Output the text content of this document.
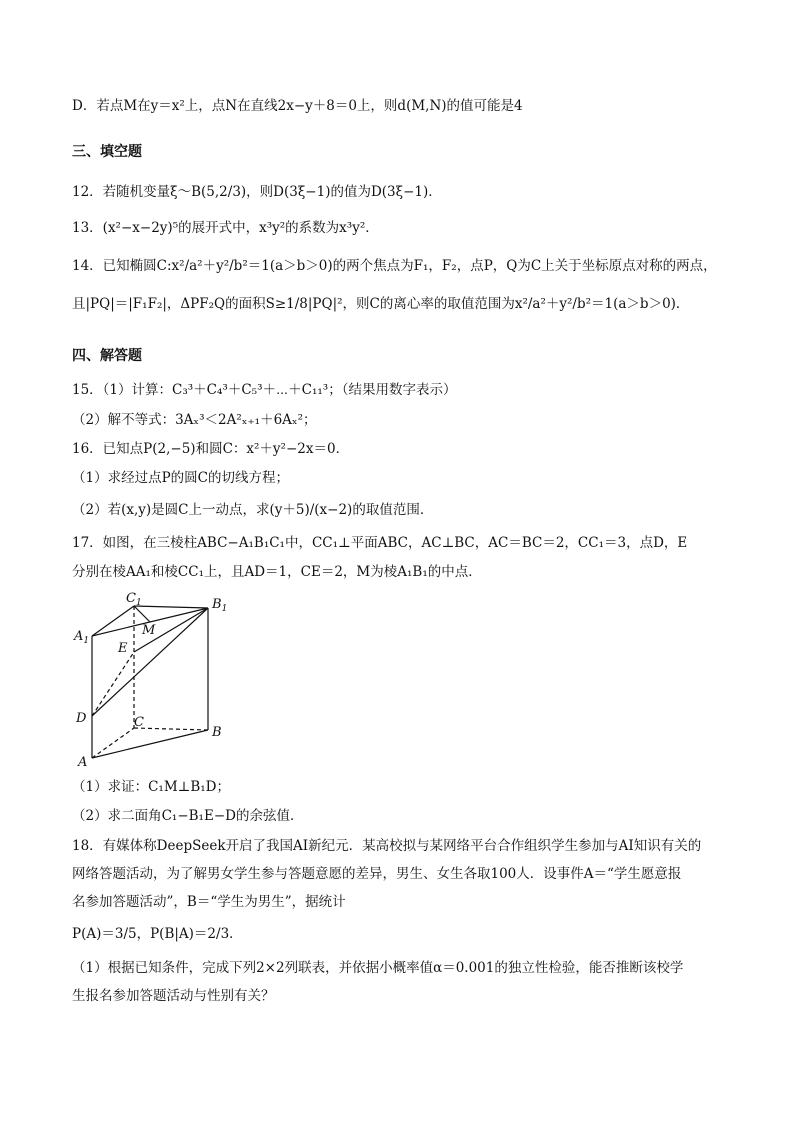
D．若点M在y＝x²上，点N在直线2x−y＋8＝0上，则d(M,N)的值可能是4
三、填空题
12．若随机变量ξ～B(5,2/3)，则D(3ξ−1)的值为D(3ξ−1)．
13．(x²−x−2y)⁵的展开式中，x³y²的系数为x³y²．
14．已知椭圆C:x²/a²＋y²/b²＝1(a＞b＞0)的两个焦点为F₁，F₂，点P，Q为C上关于坐标原点对称的两点，
且|PQ|＝|F₁F₂|，ΔPF₂Q的面积S≥1/8|PQ|²，则C的离心率的取值范围为x²/a²＋y²/b²＝1(a＞b＞0)．
四、解答题
15．（1）计算：C₃³＋C₄³＋C₅³＋⋯＋C₁₁³；（结果用数字表示）
（2）解不等式：3Aₓ³＜2A²ₓ₊₁＋6Aₓ²；
16．已知点P(2,−5)和圆C：x²＋y²−2x＝0．
（1）求经过点P的圆C的切线方程；
（2）若(x,y)是圆C上一动点，求(y＋5)/(x−2)的取值范围．
17．如图，在三棱柱ABC−A₁B₁C₁中，CC₁⊥平面ABC，AC⊥BC，AC＝BC＝2，CC₁＝3，点D，E
分别在棱AA₁和棱CC₁上，且AD＝1，CE＝2，M为棱A₁B₁的中点．
$C_1$	$B_1$
$A_1$
M
E
D	C
B
A
（1）求证：C₁M⊥B₁D；
（2）求二面角C₁−B₁E−D的余弦值．
18．有媒体称DeepSeek开启了我国AI新纪元．某高校拟与某网络平台合作组织学生参加与AI知识有关的
网络答题活动，为了解男女学生参与答题意愿的差异，男生、女生各取100人．设事件A＝“学生愿意报
名参加答题活动”，B＝“学生为男生”，据统计
P(A)＝3/5，P(B|A)＝2/3．
（1）根据已知条件，完成下列2×2列联表，并依据小概率值α＝0.001的独立性检验，能否推断该校学
生报名参加答题活动与性别有关？
